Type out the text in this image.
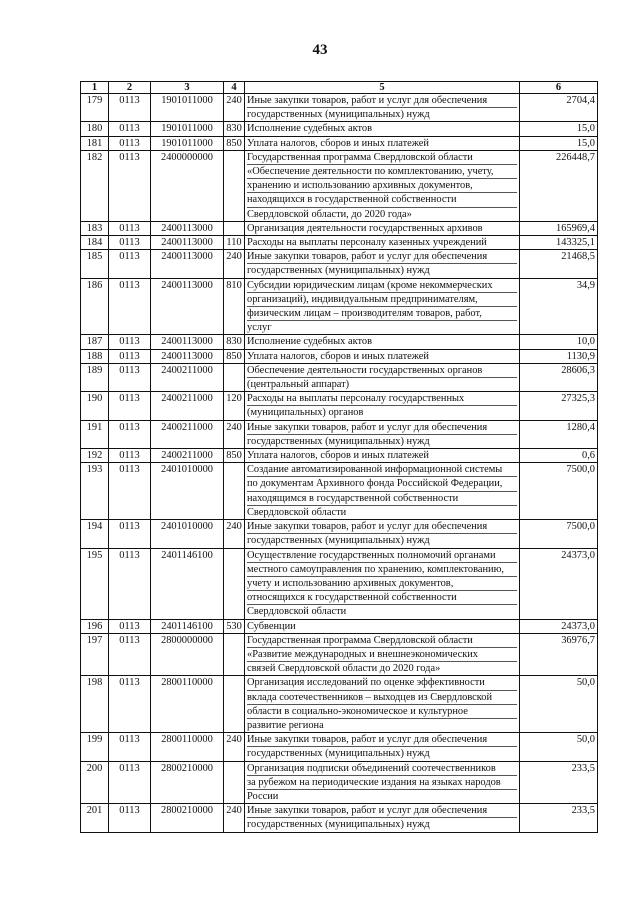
43
1	2	3	4	5	6
179	0113	1901011000	240	Иные закупки товаров, работ и услуг для обеспечения
государственных (муниципальных) нужд	2704,4
180	0113	1901011000	830	Исполнение судебных актов	15,0
181	0113	1901011000	850	Уплата налогов, сборов и иных платежей	15,0
182	0113	2400000000		Государственная программа Свердловской области
«Обеспечение деятельности по комплектованию, учету,
хранению и использованию архивных документов,
находящихся в государственной собственности
Свердловской области, до 2020 года»	226448,7
183	0113	2400113000		Организация деятельности государственных архивов	165969,4
184	0113	2400113000	110	Расходы на выплаты персоналу казенных учреждений	143325,1
185	0113	2400113000	240	Иные закупки товаров, работ и услуг для обеспечения
государственных (муниципальных) нужд	21468,5
186	0113	2400113000	810	Субсидии юридическим лицам (кроме некоммерческих
организаций), индивидуальным предпринимателям,
физическим лицам – производителям товаров, работ,
услуг	34,9
187	0113	2400113000	830	Исполнение судебных актов	10,0
188	0113	2400113000	850	Уплата налогов, сборов и иных платежей	1130,9
189	0113	2400211000		Обеспечение деятельности государственных органов
(центральный аппарат)	28606,3
190	0113	2400211000	120	Расходы на выплаты персоналу государственных
(муниципальных) органов	27325,3
191	0113	2400211000	240	Иные закупки товаров, работ и услуг для обеспечения
государственных (муниципальных) нужд	1280,4
192	0113	2400211000	850	Уплата налогов, сборов и иных платежей	0,6
193	0113	2401010000		Создание автоматизированной информационной системы
по документам Архивного фонда Российской Федерации,
находящимся в государственной собственности
Свердловской области	7500,0
194	0113	2401010000	240	Иные закупки товаров, работ и услуг для обеспечения
государственных (муниципальных) нужд	7500,0
195	0113	2401146100		Осуществление государственных полномочий органами
местного самоуправления по хранению, комплектованию,
учету и использованию архивных документов,
относящихся к государственной собственности
Свердловской области	24373,0
196	0113	2401146100	530	Субвенции	24373,0
197	0113	2800000000		Государственная программа Свердловской области
«Развитие международных и внешнеэкономических
связей Свердловской области до 2020 года»	36976,7
198	0113	2800110000		Организация исследований по оценке эффективности
вклада соотечественников – выходцев из Свердловской
области в социально-экономическое и культурное
развитие региона	50,0
199	0113	2800110000	240	Иные закупки товаров, работ и услуг для обеспечения
государственных (муниципальных) нужд	50,0
200	0113	2800210000		Организация подписки объединений соотечественников
за рубежом на периодические издания на языках народов
России	233,5
201	0113	2800210000	240	Иные закупки товаров, работ и услуг для обеспечения
государственных (муниципальных) нужд	233,5
